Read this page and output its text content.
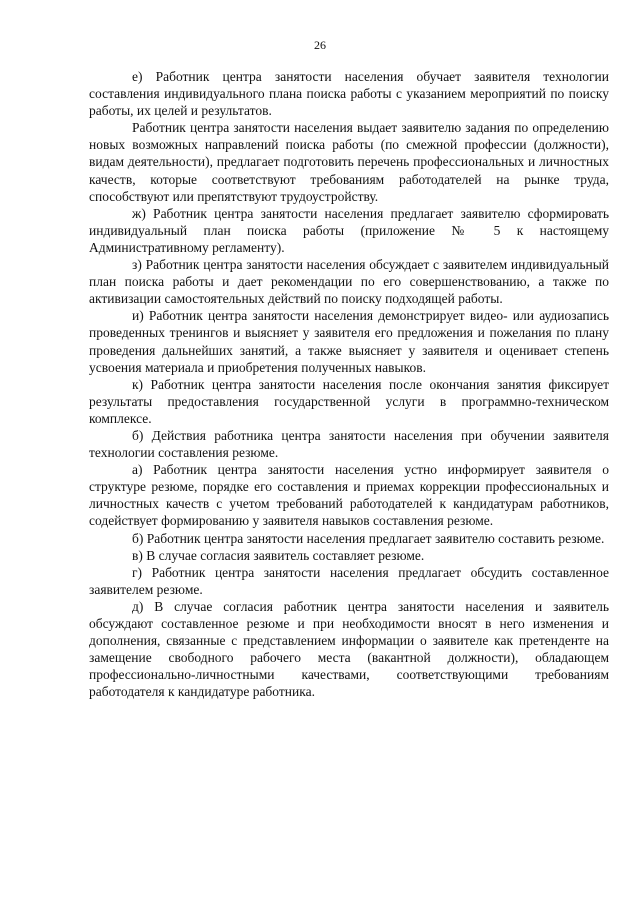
26

е) Работник центра занятости населения обучает заявителя технологии составления индивидуального плана поиска работы с указанием мероприятий по поиску работы, их целей и результатов.

Работник центра занятости населения выдает заявителю задания по определению новых возможных направлений поиска работы (по смежной профессии (должности), видам деятельности), предлагает подготовить перечень профессиональных и личностных качеств, которые соответствуют требованиям работодателей на рынке труда, способствуют или препятствуют трудоустройству.

ж) Работник центра занятости населения предлагает заявителю сформировать индивидуальный план поиска работы (приложение № 5 к настоящему Административному регламенту).

з) Работник центра занятости населения обсуждает с заявителем индивидуальный план поиска работы и дает рекомендации по его совершенствованию, а также по активизации самостоятельных действий по поиску подходящей работы.

и) Работник центра занятости населения демонстрирует видео- или аудиозапись проведенных тренингов и выясняет у заявителя его предложения и пожелания по плану проведения дальнейших занятий, а также выясняет у заявителя и оценивает степень усвоения материала и приобретения полученных навыков.

к) Работник центра занятости населения после окончания занятия фиксирует результаты предоставления государственной услуги в программно-техническом комплексе.

б) Действия работника центра занятости населения при обучении заявителя технологии составления резюме.

а) Работник центра занятости населения устно информирует заявителя о структуре резюме, порядке его составления и приемах коррекции профессиональных и личностных качеств с учетом требований работодателей к кандидатурам работников, содействует формированию у заявителя навыков составления резюме.

б) Работник центра занятости населения предлагает заявителю составить резюме.

в) В случае согласия заявитель составляет резюме.

г) Работник центра занятости населения предлагает обсудить составленное заявителем резюме.

д) В случае согласия работник центра занятости населения и заявитель обсуждают составленное резюме и при необходимости вносят в него изменения и дополнения, связанные с представлением информации о заявителе как претенденте на замещение свободного рабочего места (вакантной должности), обладающем профессионально-личностными качествами, соответствующими требованиям работодателя к кандидатуре работника.
